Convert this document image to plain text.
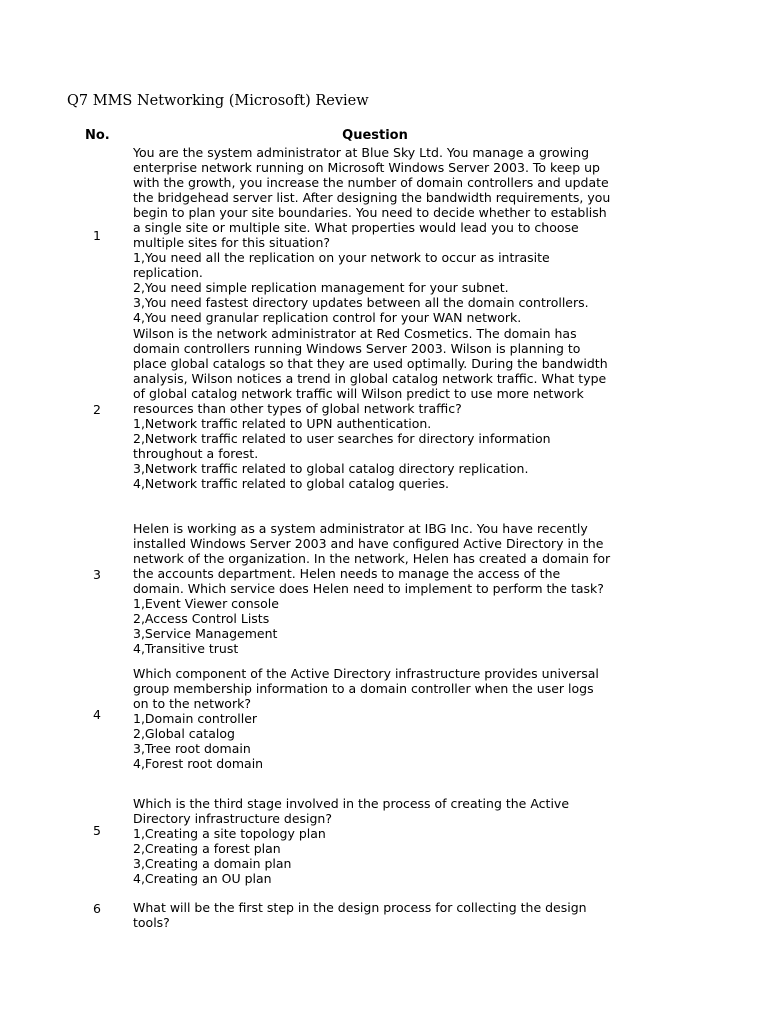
Q7 MMS Networking (Microsoft) Review
No.	Question
1
You are the system administrator at Blue Sky Ltd. You manage a growing
enterprise network running on Microsoft Windows Server 2003. To keep up
with the growth, you increase the number of domain controllers and update
the bridgehead server list. After designing the bandwidth requirements, you
begin to plan your site boundaries. You need to decide whether to establish
a single site or multiple site. What properties would lead you to choose
multiple sites for this situation?
1,You need all the replication on your network to occur as intrasite
replication.
2,You need simple replication management for your subnet.
3,You need fastest directory updates between all the domain controllers.
4,You need granular replication control for your WAN network.
2
Wilson is the network administrator at Red Cosmetics. The domain has
domain controllers running Windows Server 2003. Wilson is planning to
place global catalogs so that they are used optimally. During the bandwidth
analysis, Wilson notices a trend in global catalog network traffic. What type
of global catalog network traffic will Wilson predict to use more network
resources than other types of global network traffic?
1,Network traffic related to UPN authentication.
2,Network traffic related to user searches for directory information
throughout a forest.
3,Network traffic related to global catalog directory replication.
4,Network traffic related to global catalog queries.
3
Helen is working as a system administrator at IBG Inc. You have recently
installed Windows Server 2003 and have configured Active Directory in the
network of the organization. In the network, Helen has created a domain for
the accounts department. Helen needs to manage the access of the
domain. Which service does Helen need to implement to perform the task?
1,Event Viewer console
2,Access Control Lists
3,Service Management
4,Transitive trust
4
Which component of the Active Directory infrastructure provides universal
group membership information to a domain controller when the user logs
on to the network?
1,Domain controller
2,Global catalog
3,Tree root domain
4,Forest root domain
5
Which is the third stage involved in the process of creating the Active
Directory infrastructure design?
1,Creating a site topology plan
2,Creating a forest plan
3,Creating a domain plan
4,Creating an OU plan
6	What will be the first step in the design process for collecting the design
tools?
